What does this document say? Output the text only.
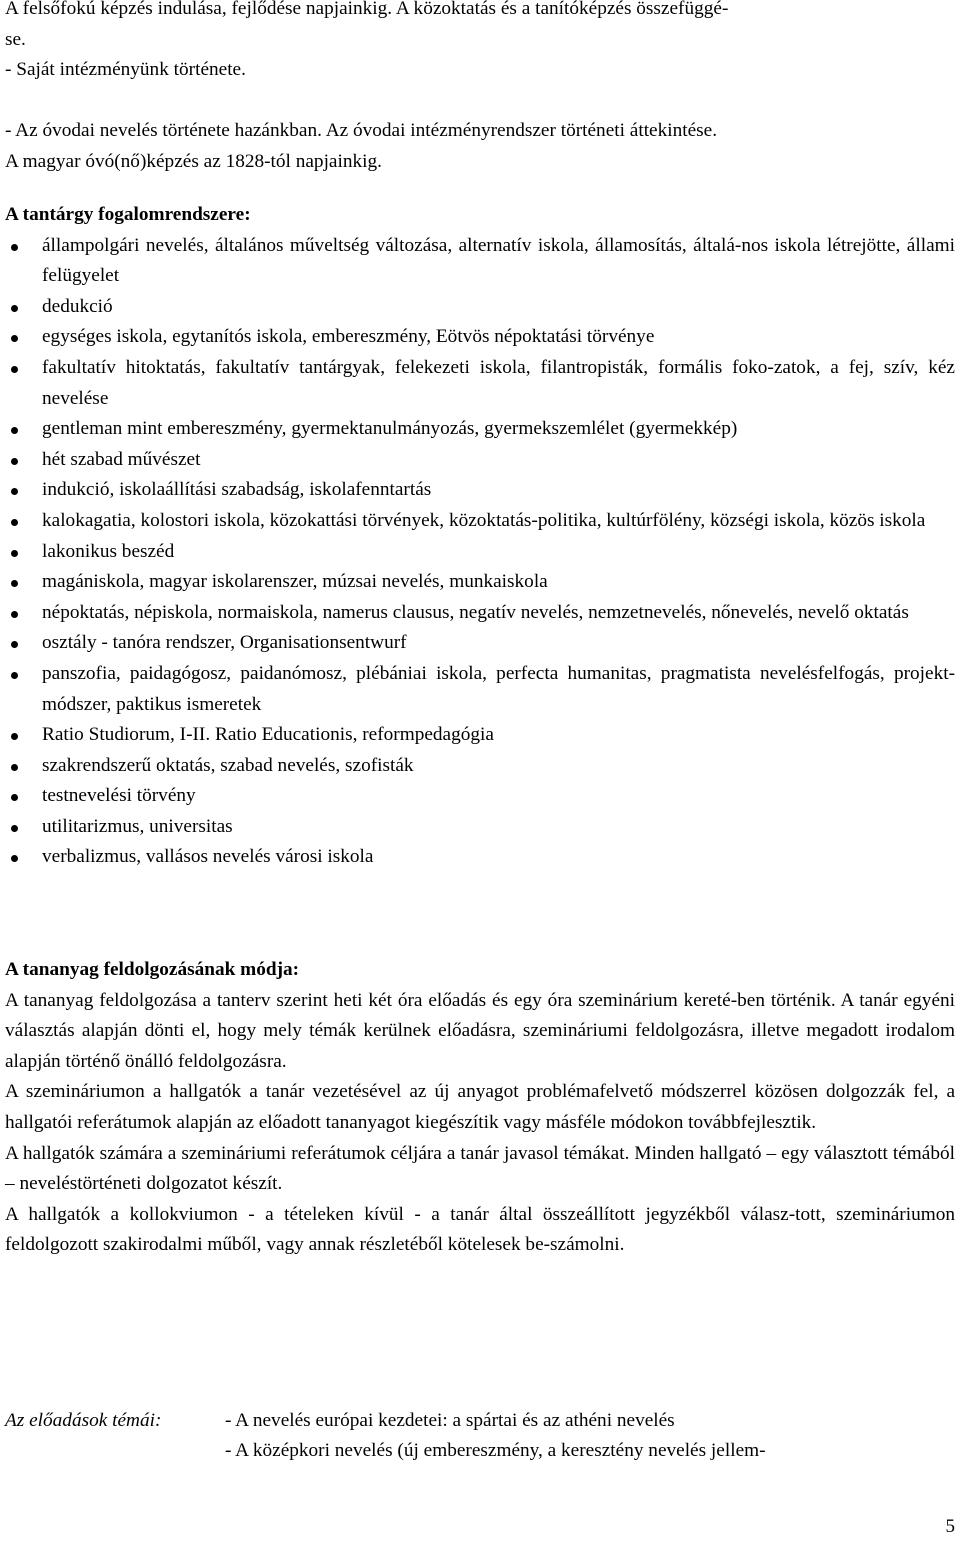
A felsőfokú képzés indulása, fejlődése napjainkig. A közoktatás és a tanítóképzés összefüggé-
se.
- Saját intézményünk története.
- Az óvodai nevelés története hazánkban. Az óvodai intézményrendszer történeti áttekintése.
A magyar óvó(nő)képzés az 1828-tól napjainkig.
A tantárgy fogalomrendszere:
állampolgári nevelés, általános műveltség változása, alternatív iskola, államosítás, általá-nos iskola létrejötte, állami felügyelet
dedukció
egységes iskola, egytanítós iskola, embereszmény, Eötvös népoktatási törvénye
fakultatív hitoktatás, fakultatív tantárgyak, felekezeti iskola, filantropisták, formális foko-zatok, a fej, szív, kéz nevelése
gentleman mint embereszmény, gyermektanulmányozás, gyermekszemlélet (gyermekkép)
hét szabad művészet
indukció, iskolaállítási szabadság, iskolafenntartás
kalokagatia, kolostori iskola, közokattási törvények, közoktatás-politika, kultúrfölény, községi iskola, közös iskola
lakonikus beszéd
magániskola, magyar iskolarenszer, múzsai nevelés, munkaiskola
népoktatás, népiskola, normaiskola, namerus clausus, negatív nevelés, nemzetnevelés, nőnevelés, nevelő oktatás
osztály - tanóra rendszer, Organisationsentwurf
panszofia, paidagógosz, paidanómosz, plébániai iskola, perfecta humanitas, pragmatista nevelésfelfogás, projekt-módszer, paktikus ismeretek
Ratio Studiorum, I-II. Ratio Educationis, reformpedagógia
szakrendszerű oktatás, szabad nevelés, szofisták
testnevelési törvény
utilitarizmus, universitas
verbalizmus, vallásos nevelés városi iskola
A tananyag feldolgozásának módja:

A tananyag feldolgozása a tanterv szerint heti két óra előadás és egy óra szeminárium kereté-ben történik. A tanár egyéni választás alapján dönti el, hogy mely témák kerülnek előadásra, szemináriumi feldolgozásra, illetve megadott irodalom alapján történő önálló feldolgozásra.

A szemináriumon a hallgatók a tanár vezetésével az új anyagot problémafelvető módszerrel közösen dolgozzák fel, a hallgatói referátumok alapján az előadott tananyagot kiegészítik vagy másféle módokon továbbfejlesztik.

A hallgatók számára a szemináriumi referátumok céljára a tanár javasol témákat. Minden hallgató – egy választott témából – neveléstörténeti dolgozatot készít.

A hallgatók a kollokviumon - a tételeken kívül - a tanár által összeállított jegyzékből válasz-tott, szemináriumon feldolgozott szakirodalmi műből, vagy annak részletéből kötelesek be-számolni.

Az előadások témái:	- A nevelés európai kezdetei: a spártai és az athéni nevelés
- A középkori nevelés (új embereszmény, a keresztény nevelés jellem-
5
